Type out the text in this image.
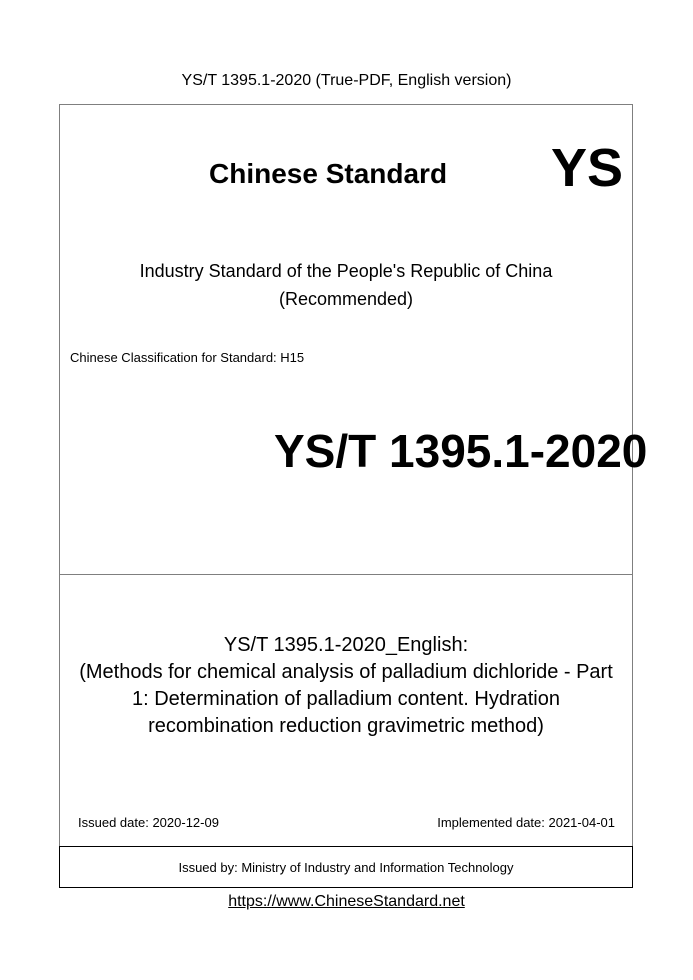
YS/T 1395.1-2020 (True-PDF, English version)
Chinese Standard YS
Industry Standard of the People's Republic of China
(Recommended)
Chinese Classification for Standard: H15
YS/T 1395.1-2020
YS/T 1395.1-2020_English:
(Methods for chemical analysis of palladium dichloride - Part
1: Determination of palladium content. Hydration
recombination reduction gravimetric method)
Issued date: 2020-12-09	Implemented date: 2021-04-01
Issued by: Ministry of Industry and Information Technology
https://www.ChineseStandard.net
